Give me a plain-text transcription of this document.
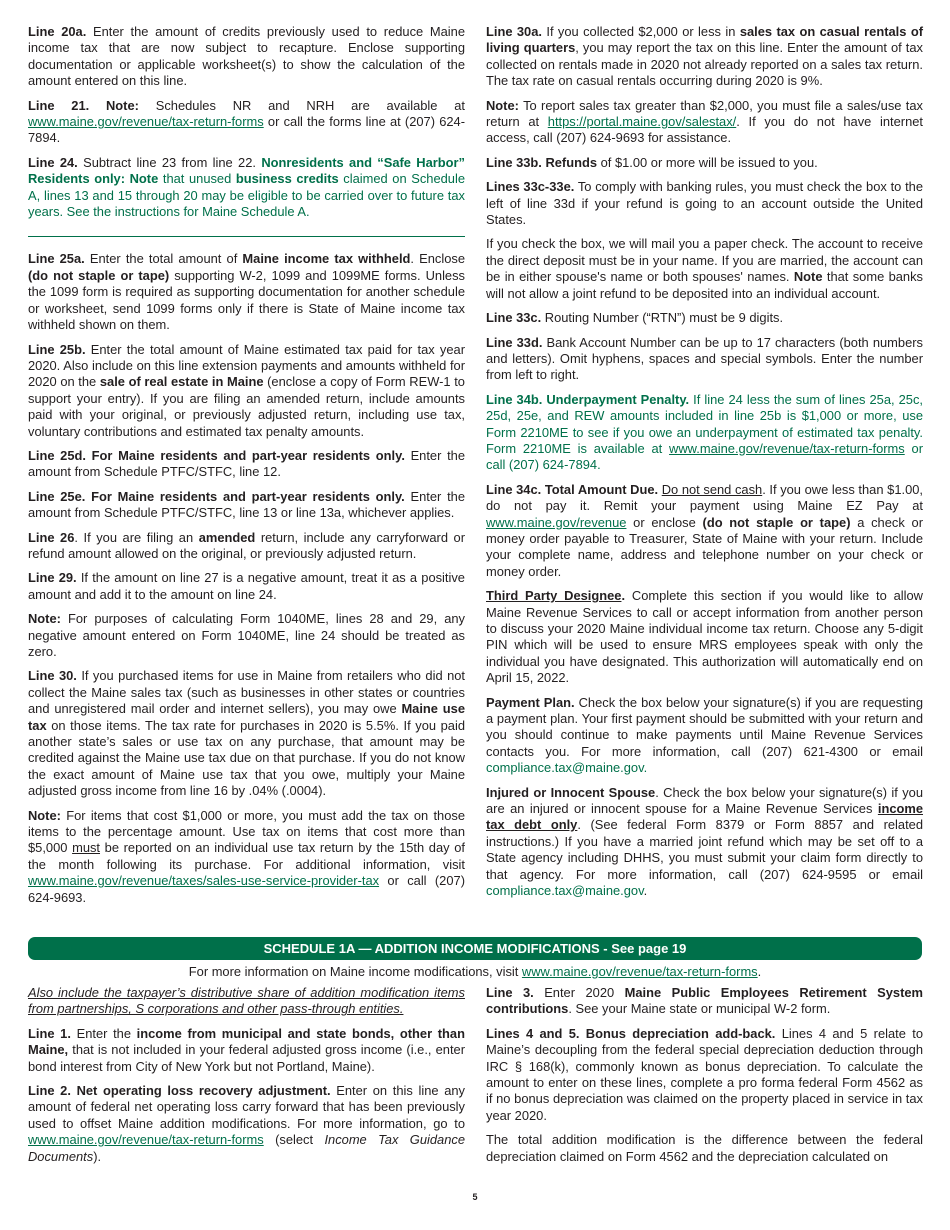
Line 20a. Enter the amount of credits previously used to reduce Maine income tax that are now subject to recapture. Enclose supporting documentation or applicable worksheet(s) to show the calculation of the amount entered on this line.

Line 21. Note: Schedules NR and NRH are available at www.maine.gov/revenue/tax-return-forms or call the forms line at (207) 624-7894.

Line 24. Subtract line 23 from line 22. Nonresidents and “Safe Harbor” Residents only: Note that unused business credits claimed on Schedule A, lines 13 and 15 through 20 may be eligible to be carried over to future tax years. See the instructions for Maine Schedule A.

Line 25a. Enter the total amount of Maine income tax withheld. Enclose (do not staple or tape) supporting W-2, 1099 and 1099ME forms. Unless the 1099 form is required as supporting documentation for another schedule or worksheet, send 1099 forms only if there is State of Maine income tax withheld shown on them.

Line 25b. Enter the total amount of Maine estimated tax paid for tax year 2020. Also include on this line extension payments and amounts withheld for 2020 on the sale of real estate in Maine (enclose a copy of Form REW-1 to support your entry). If you are filing an amended return, include amounts paid with your original, or previously adjusted return, including use tax, voluntary contributions and estimated tax penalty amounts.

Line 25d. For Maine residents and part-year residents only. Enter the amount from Schedule PTFC/STFC, line 12.

Line 25e. For Maine residents and part-year residents only. Enter the amount from Schedule PTFC/STFC, line 13 or line 13a, whichever applies.

Line 26. If you are filing an amended return, include any carryforward or refund amount allowed on the original, or previously adjusted return.

Line 29. If the amount on line 27 is a negative amount, treat it as a positive amount and add it to the amount on line 24.

Note: For purposes of calculating Form 1040ME, lines 28 and 29, any negative amount entered on Form 1040ME, line 24 should be treated as zero.

Line 30. If you purchased items for use in Maine from retailers who did not collect the Maine sales tax (such as businesses in other states or countries and unregistered mail order and internet sellers), you may owe Maine use tax on those items. The tax rate for purchases in 2020 is 5.5%. If you paid another state’s sales or use tax on any purchase, that amount may be credited against the Maine use tax due on that purchase. If you do not know the exact amount of Maine use tax that you owe, multiply your Maine adjusted gross income from line 16 by .04% (.0004).

Note: For items that cost $1,000 or more, you must add the tax on those items to the percentage amount. Use tax on items that cost more than $5,000 must be reported on an individual use tax return by the 15th day of the month following its purchase. For additional information, visit www.maine.gov/revenue/taxes/sales-use-service-provider-tax or call (207) 624-9693.

Line 30a. If you collected $2,000 or less in sales tax on casual rentals of living quarters, you may report the tax on this line. Enter the amount of tax collected on rentals made in 2020 not already reported on a sales tax return. The tax rate on casual rentals occurring during 2020 is 9%.

Note: To report sales tax greater than $2,000, you must file a sales/use tax return at https://portal.maine.gov/salestax/. If you do not have internet access, call (207) 624-9693 for assistance.

Line 33b. Refunds of $1.00 or more will be issued to you.

Lines 33c-33e. To comply with banking rules, you must check the box to the left of line 33d if your refund is going to an account outside the United States.

If you check the box, we will mail you a paper check. The account to receive the direct deposit must be in your name. If you are married, the account can be in either spouse's name or both spouses' names. Note that some banks will not allow a joint refund to be deposited into an individual account.

Line 33c. Routing Number (“RTN”) must be 9 digits.

Line 33d. Bank Account Number can be up to 17 characters (both numbers and letters). Omit hyphens, spaces and special symbols. Enter the number from left to right.

Line 34b. Underpayment Penalty. If line 24 less the sum of lines 25a, 25c, 25d, 25e, and REW amounts included in line 25b is $1,000 or more, use Form 2210ME to see if you owe an underpayment of estimated tax penalty. Form 2210ME is available at www.maine.gov/revenue/tax-return-forms or call (207) 624-7894.

Line 34c. Total Amount Due. Do not send cash. If you owe less than $1.00, do not pay it. Remit your payment using Maine EZ Pay at www.maine.gov/revenue or enclose (do not staple or tape) a check or money order payable to Treasurer, State of Maine with your return. Include your complete name, address and telephone number on your check or money order.

Third Party Designee. Complete this section if you would like to allow Maine Revenue Services to call or accept information from another person to discuss your 2020 Maine individual income tax return. Choose any 5-digit PIN which will be used to ensure MRS employees speak with only the individual you have designated. This authorization will automatically end on April 15, 2022.

Payment Plan. Check the box below your signature(s) if you are requesting a payment plan. Your first payment should be submitted with your return and you should continue to make payments until Maine Revenue Services contacts you. For more information, call (207) 621-4300 or email compliance.tax@maine.gov.

Injured or Innocent Spouse. Check the box below your signature(s) if you are an injured or innocent spouse for a Maine Revenue Services income tax debt only. (See federal Form 8379 or Form 8857 and related instructions.) If you have a married joint refund which may be set off to a State agency including DHHS, you must submit your claim form directly to that agency. For more information, call (207) 624-9595 or email compliance.tax@maine.gov.

SCHEDULE 1A — ADDITION INCOME MODIFICATIONS - See page 19
For more information on Maine income modifications, visit www.maine.gov/revenue/tax-return-forms.

Also include the taxpayer’s distributive share of addition modification items from partnerships, S corporations and other pass-through entities.

Line 1. Enter the income from municipal and state bonds, other than Maine, that is not included in your federal adjusted gross income (i.e., enter bond interest from City of New York but not Portland, Maine).

Line 2. Net operating loss recovery adjustment. Enter on this line any amount of federal net operating loss carry forward that has been previously used to offset Maine addition modifications. For more information, go to www.maine.gov/revenue/tax-return-forms (select Income Tax Guidance Documents).

Line 3. Enter 2020 Maine Public Employees Retirement System contributions. See your Maine state or municipal W-2 form.

Lines 4 and 5. Bonus depreciation add-back. Lines 4 and 5 relate to Maine’s decoupling from the federal special depreciation deduction through IRC § 168(k), commonly known as bonus depreciation. To calculate the amount to enter on these lines, complete a pro forma federal Form 4562 as if no bonus depreciation was claimed on the property placed in service in tax year 2020.

The total addition modification is the difference between the federal depreciation claimed on Form 4562 and the depreciation calculated on

5
